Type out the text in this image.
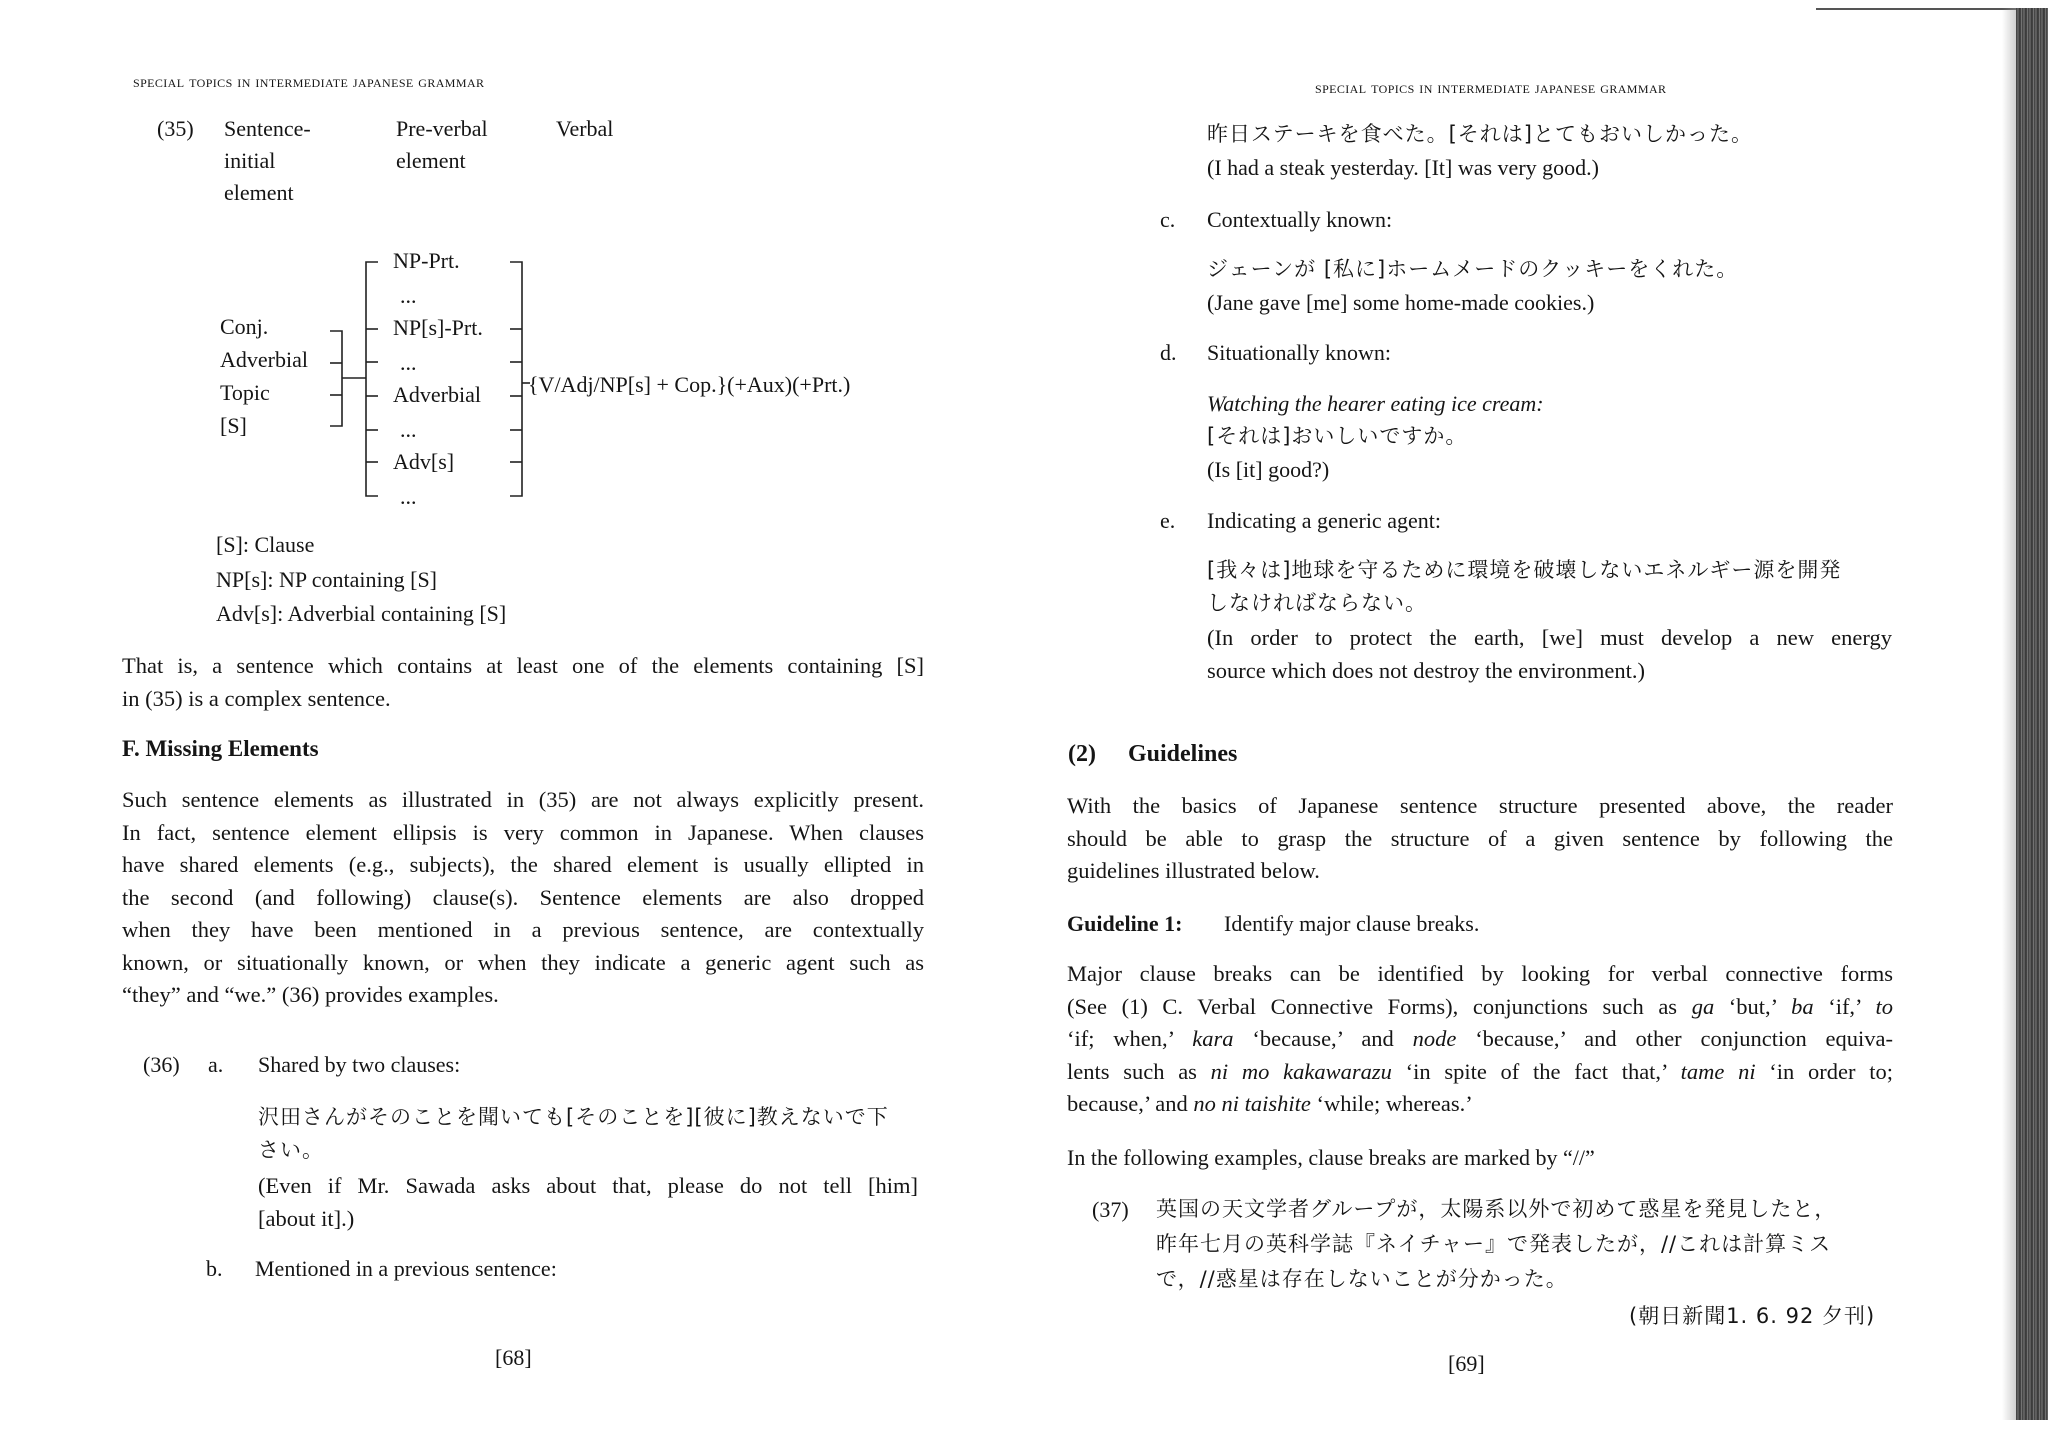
special topics in intermediate japanese grammar
(35) Sentence-
initial
element
Pre-verbal
element
Verbal
Conj.
Adverbial
Topic
[S]
NP-Prt.
...
NP[s]-Prt.
...
Adverbial
...
Adv[s]
...
{V/Adj/NP[s] + Cop.}(+Aux)(+Prt.)
[S]: Clause
NP[s]: NP containing [S]
Adv[s]: Adverbial containing [S]
That is, a sentence which contains at least one of the elements containing [S]
in (35) is a complex sentence.
F. Missing Elements
Such sentence elements as illustrated in (35) are not always explicitly present.
In fact, sentence element ellipsis is very common in Japanese. When clauses
have shared elements (e.g., subjects), the shared element is usually ellipted in
the second (and following) clause(s). Sentence elements are also dropped
when they have been mentioned in a previous sentence, are contextually
known, or situationally known, or when they indicate a generic agent such as
“they” and “we.” (36) provides examples.
(36) a. Shared by two clauses:
沢田さんがそのことを聞いても[そのことを][彼に]教えないで下
さい。
(Even if Mr. Sawada asks about that, please do not tell [him]
[about it].)
b. Mentioned in a previous sentence:
[68]
special topics in intermediate japanese grammar
昨日ステーキを食べた。[それは]とてもおいしかった。
(I had a steak yesterday. [It] was very good.)
c. Contextually known:
ジェーンが [私に]ホームメードのクッキーをくれた。
(Jane gave [me] some home-made cookies.)
d. Situationally known:
Watching the hearer eating ice cream:
[それは]おいしいですか。
(Is [it] good?)
e. Indicating a generic agent:
[我々は]地球を守るために環境を破壊しないエネルギー源を開発
しなければならない。
(In order to protect the earth, [we] must develop a new energy
source which does not destroy the environment.)
(2) Guidelines
With the basics of Japanese sentence structure presented above, the reader
should be able to grasp the structure of a given sentence by following the
guidelines illustrated below.
Guideline 1: Identify major clause breaks.
Major clause breaks can be identified by looking for verbal connective forms
(See (1) C. Verbal Connective Forms), conjunctions such as ga ‘but,’ ba ‘if,’ to
‘if; when,’ kara ‘because,’ and node ‘because,’ and other conjunction equiva-
lents such as ni mo kakawarazu ‘in spite of the fact that,’ tame ni ‘in order to;
because,’ and no ni taishite ‘while; whereas.’
In the following examples, clause breaks are marked by “//”
(37) 英国の天文学者グループが，太陽系以外で初めて惑星を発見したと，
昨年七月の英科学誌『ネイチャー』で発表したが，//これは計算ミス
で，//惑星は存在しないことが分かった。
(朝日新聞1. 6. 92 夕刊)
[69]
